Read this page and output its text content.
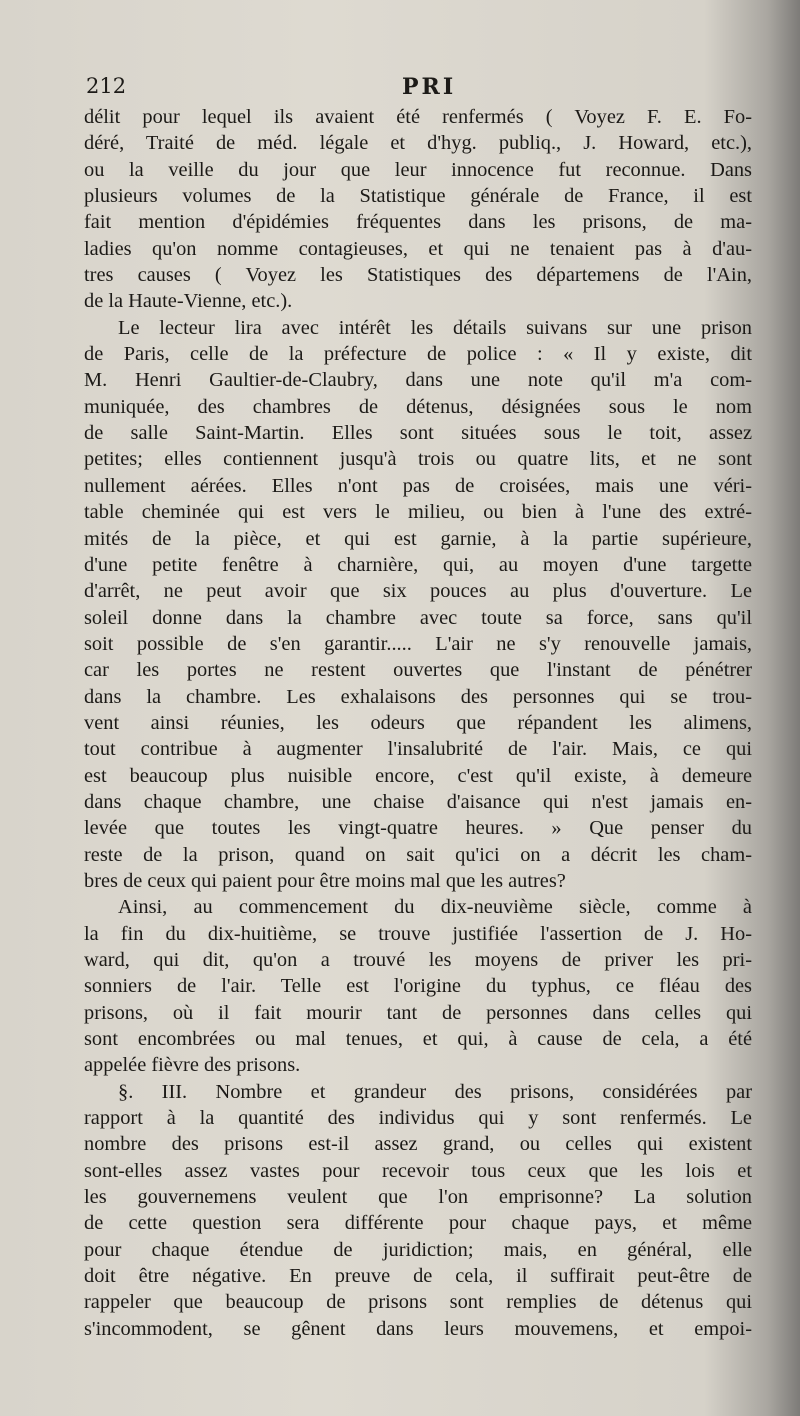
212	PRI
délit pour lequel ils avaient été renfermés ( Voyez F. E. Fo-
déré, Traité de méd. légale et d'hyg. publiq., J. Howard, etc.),
ou la veille du jour que leur innocence fut reconnue. Dans
plusieurs volumes de la Statistique générale de France, il est
fait mention d'épidémies fréquentes dans les prisons, de ma-
ladies qu'on nomme contagieuses, et qui ne tenaient pas à d'au-
tres causes ( Voyez les Statistiques des départemens de l'Ain,
de la Haute-Vienne, etc.).
Le lecteur lira avec intérêt les détails suivans sur une prison
de Paris, celle de la préfecture de police : « Il y existe, dit
M. Henri Gaultier-de-Claubry, dans une note qu'il m'a com-
muniquée, des chambres de détenus, désignées sous le nom
de salle Saint-Martin. Elles sont situées sous le toit, assez
petites; elles contiennent jusqu'à trois ou quatre lits, et ne sont
nullement aérées. Elles n'ont pas de croisées, mais une véri-
table cheminée qui est vers le milieu, ou bien à l'une des extré-
mités de la pièce, et qui est garnie, à la partie supérieure,
d'une petite fenêtre à charnière, qui, au moyen d'une targette
d'arrêt, ne peut avoir que six pouces au plus d'ouverture. Le
soleil donne dans la chambre avec toute sa force, sans qu'il
soit possible de s'en garantir..... L'air ne s'y renouvelle jamais,
car les portes ne restent ouvertes que l'instant de pénétrer
dans la chambre. Les exhalaisons des personnes qui se trou-
vent ainsi réunies, les odeurs que répandent les alimens,
tout contribue à augmenter l'insalubrité de l'air. Mais, ce qui
est beaucoup plus nuisible encore, c'est qu'il existe, à demeure
dans chaque chambre, une chaise d'aisance qui n'est jamais en-
levée que toutes les vingt-quatre heures. » Que penser du
reste de la prison, quand on sait qu'ici on a décrit les cham-
bres de ceux qui paient pour être moins mal que les autres?
Ainsi, au commencement du dix-neuvième siècle, comme à
la fin du dix-huitième, se trouve justifiée l'assertion de J. Ho-
ward, qui dit, qu'on a trouvé les moyens de priver les pri-
sonniers de l'air. Telle est l'origine du typhus, ce fléau des
prisons, où il fait mourir tant de personnes dans celles qui
sont encombrées ou mal tenues, et qui, à cause de cela, a été
appelée fièvre des prisons.
§. III. Nombre et grandeur des prisons, considérées par
rapport à la quantité des individus qui y sont renfermés. Le
nombre des prisons est-il assez grand, ou celles qui existent
sont-elles assez vastes pour recevoir tous ceux que les lois et
les gouvernemens veulent que l'on emprisonne? La solution
de cette question sera différente pour chaque pays, et même
pour chaque étendue de juridiction; mais, en général, elle
doit être négative. En preuve de cela, il suffirait peut-être de
rappeler que beaucoup de prisons sont remplies de détenus qui
s'incommodent, se gênent dans leurs mouvemens, et empoi-
